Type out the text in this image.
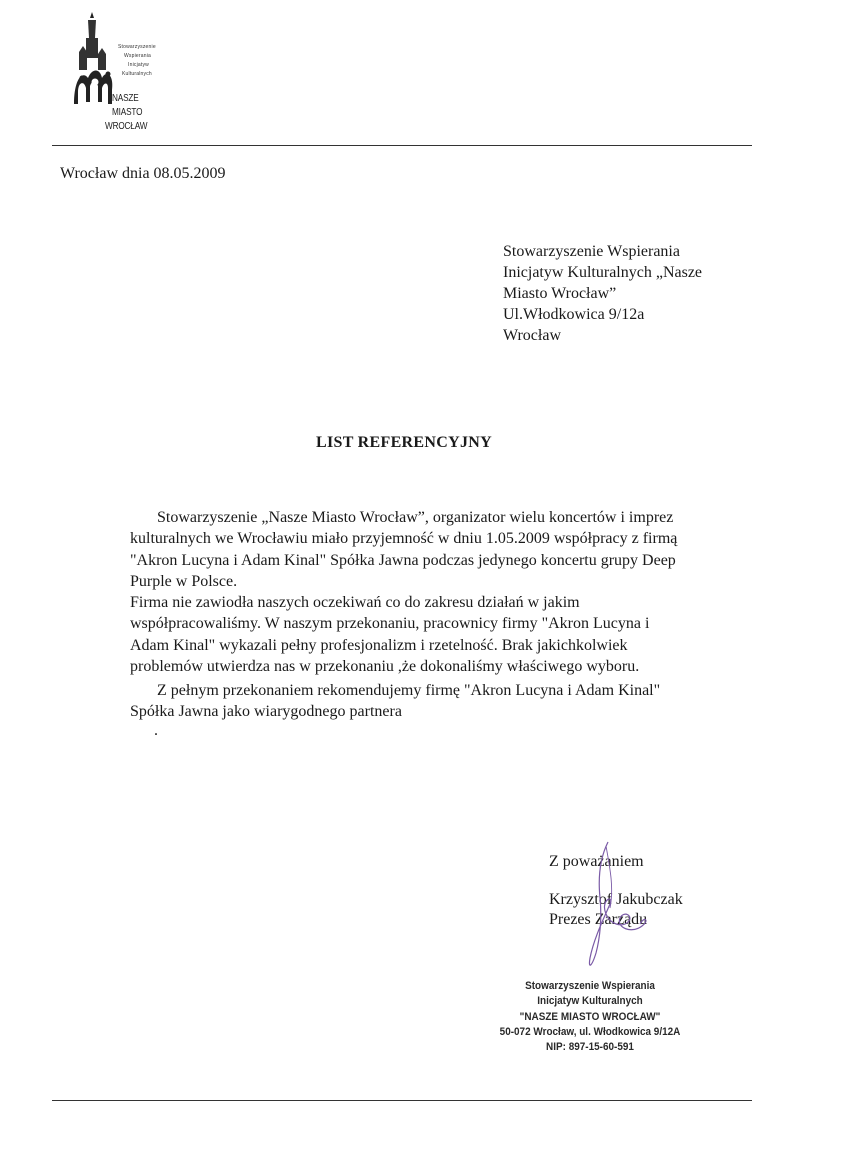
Stowarzyszenie
Wspierania
Inicjatyw
Kulturalnych
NASZE
MIASTO
WROCŁAW
Wrocław dnia 08.05.2009
Stowarzyszenie Wspierania
Inicjatyw Kulturalnych „Nasze
Miasto Wrocław”
Ul.Włodkowica 9/12a
Wrocław
LIST REFERENCYJNY
Stowarzyszenie „Nasze Miasto Wrocław”, organizator wielu koncertów i imprez
kulturalnych we Wrocławiu miało przyjemność w dniu 1.05.2009 współpracy z firmą
"Akron Lucyna i Adam Kinal" Spółka Jawna podczas jedynego koncertu grupy Deep
Purple w Polsce.
Firma nie zawiodła naszych oczekiwań co do zakresu działań w jakim
współpracowaliśmy. W naszym przekonaniu, pracownicy firmy "Akron Lucyna i
Adam Kinal" wykazali pełny profesjonalizm i rzetelność. Brak jakichkolwiek
problemów utwierdza nas w przekonaniu ,że dokonaliśmy właściwego wyboru.
Z pełnym przekonaniem rekomendujemy firmę "Akron Lucyna i Adam Kinal"
Spółka Jawna jako wiarygodnego partnera
.
Z poważaniem
Krzysztof Jakubczak
Prezes Zarządu
Stowarzyszenie Wspierania
Inicjatyw Kulturalnych
"NASZE MIASTO WROCŁAW"
50-072 Wrocław, ul. Włodkowica 9/12A
NIP: 897-15-60-591
